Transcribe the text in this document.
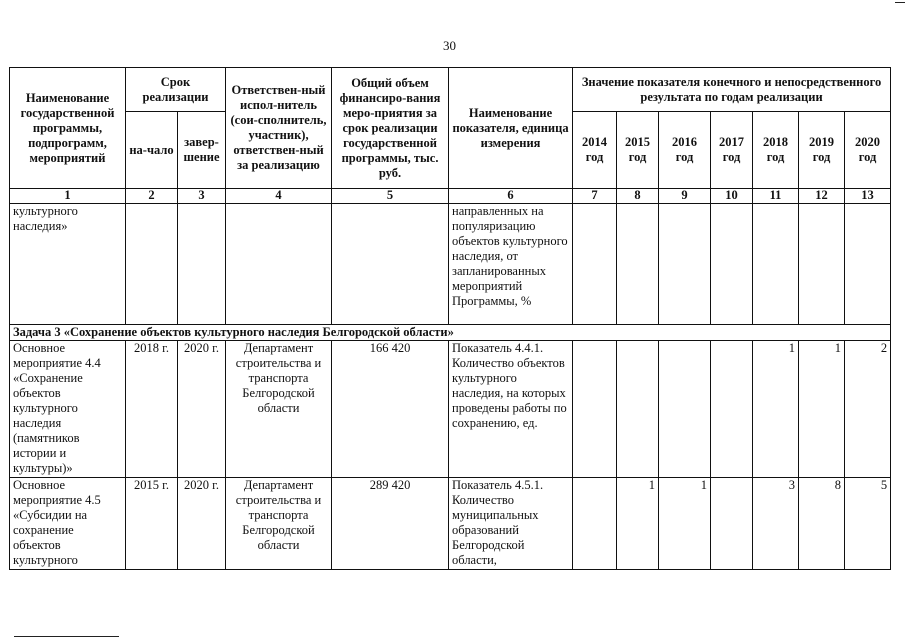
30
Наименование государственной программы, подпрограмм, мероприятий	Срок реализации		Ответствен-ный испол-нитель (сои-сполнитель, участник), ответствен-ный за реализацию	Общий объем финансиро-вания меро-приятия за срок реализации государственной программы, тыс. руб.	Наименование показателя, единица измерения	Значение показателя конечного и непосредственного результата по годам реализации						
	на-чало	завер-шение				2014 год	2015 год	2016 год	2017 год	2018 год	2019 год	2020 год
1	2	3	4	5	6	7	8	9	10	11	12	13
культурного наследия»					направленных на популяризацию объектов культурного наследия, от запланированных мероприятий Программы, %							
Задача 3 «Сохранение объектов культурного наследия Белгородской области»												
Основное мероприятие 4.4 «Сохранение объектов культурного наследия (памятников истории и культуры)»	2018 г.	2020 г.	Департамент строительства и транспорта Белгородской области	166 420	Показатель 4.4.1. Количество объектов культурного наследия, на которых проведены работы по сохранению, ед.					1	1	2
Основное мероприятие 4.5 «Субсидии на сохранение объектов культурного	2015 г.	2020 г.	Департамент строительства и транспорта Белгородской области	289 420	Показатель 4.5.1. Количество муниципальных образований Белгородской области,		1	1		3	8	5
